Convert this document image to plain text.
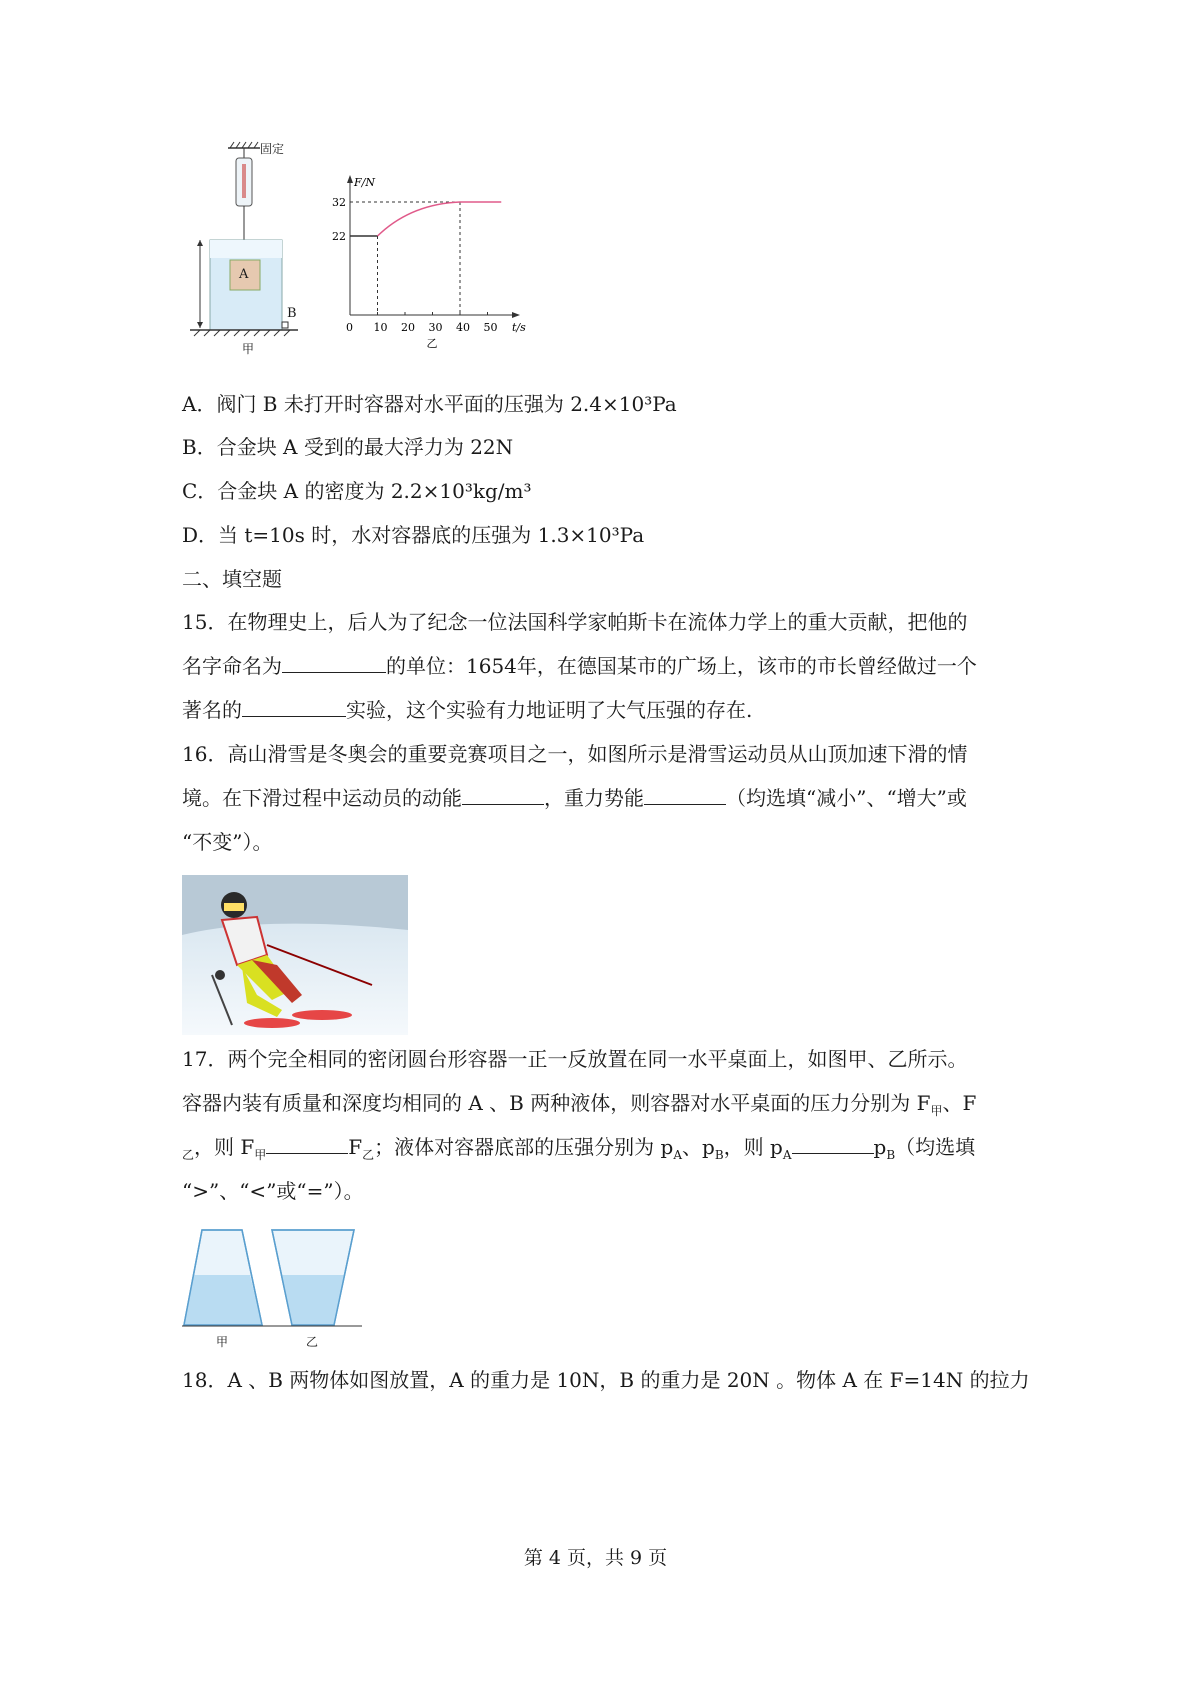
固定
A
B
甲
F/N
t/s
0 10 20 30 40 50
22
32
乙
A．阀门 B 未打开时容器对水平面的压强为 2.4×10³Pa
B．合金块 A 受到的最大浮力为 22N
C．合金块 A 的密度为 2.2×10³kg/m³
D．当 t=10s 时，水对容器底的压强为 1.3×10³Pa
二、填空题
15．在物理史上，后人为了纪念一位法国科学家帕斯卡在流体力学上的重大贡献，把他的
名字命名为	的单位：1654年，在德国某市的广场上，该市的市长曾经做过一个
著名的	实验，这个实验有力地证明了大气压强的存在.
16．高山滑雪是冬奥会的重要竞赛项目之一，如图所示是滑雪运动员从山顶加速下滑的情
境。在下滑过程中运动员的动能	，重力势能	（均选填“减小”、“增大”或
“不变”）。
17．两个完全相同的密闭圆台形容器一正一反放置在同一水平桌面上，如图甲、乙所示。
容器内装有质量和深度均相同的 A 、B 两种液体，则容器对水平桌面的压力分别为 $F_甲$、F
$_乙$，则 $F_甲$	$F_乙$；液体对容器底部的压强分别为 $p_A$、$p_B$，则 $p_A$	$p_B$（均选填
“>”、“<”或“=”）。
甲	乙
18．A 、B 两物体如图放置，A 的重力是 10N，B 的重力是 20N 。物体 A 在 F=14N 的拉力
第 4 页，共 9 页
